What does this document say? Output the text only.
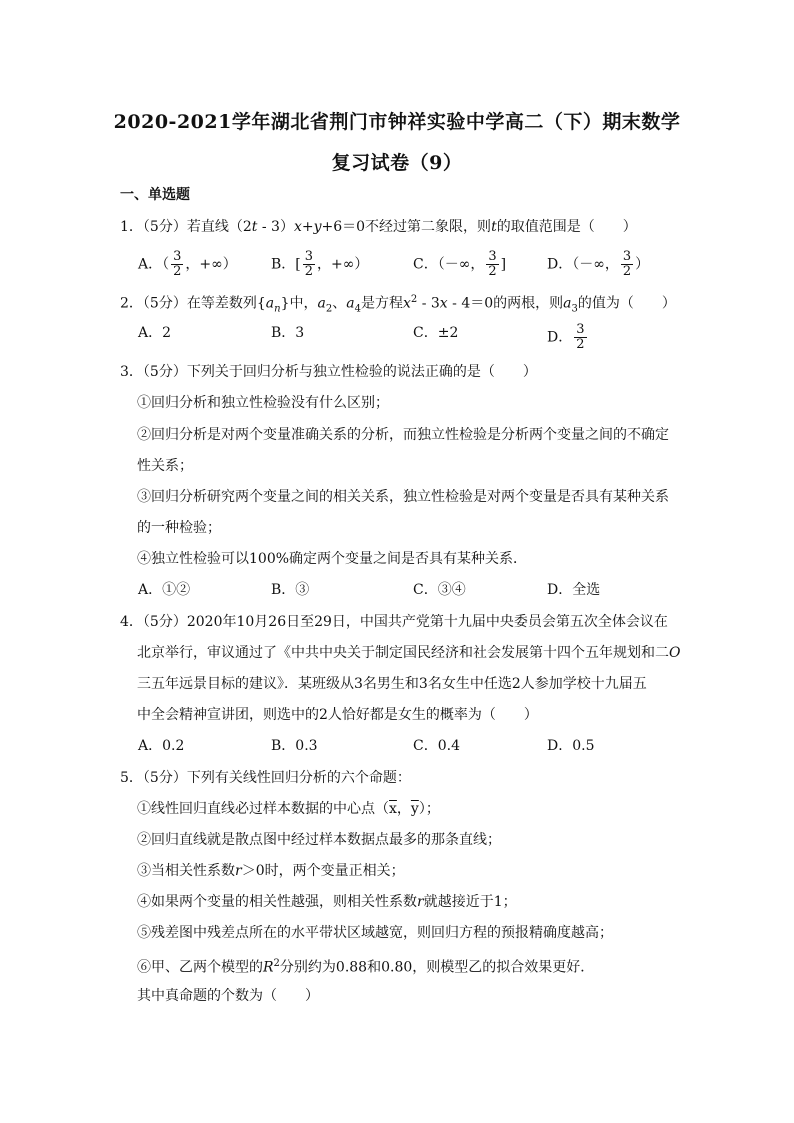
2020-2021学年湖北省荆门市钟祥实验中学高二（下）期末数学
复习试卷（9）
一、单选题
1．（5分）若直线（2t - 3）x+y+6＝0不经过第二象限，则t的取值范围是（　　）
A．（ $\frac{3}{2}$ ，+∞） B．[ $\frac{3}{2}$ ，+∞）	C．（－∞， $\frac{3}{2}$ ]	D．（－∞， $\frac{3}{2}$ ）
2．（5分）在等差数列$\{a_n\}$中，$a_2$、$a_4$是方程$x^2 - 3x - 4=0$的两根，则$a_3$的值为（　　）
A．2	B．3	C．±2	D． $\frac{3}{2}$
3．（5分）下列关于回归分析与独立性检验的说法正确的是（　　）
①回归分析和独立性检验没有什么区别；
②回归分析是对两个变量准确关系的分析，而独立性检验是分析两个变量之间的不确定
性关系；
③回归分析研究两个变量之间的相关关系，独立性检验是对两个变量是否具有某种关系
的一种检验；
④独立性检验可以100%确定两个变量之间是否具有某种关系．
A．①②	B．③	C．③④	D．全选
4．（5分）2020年10月26日至29日，中国共产党第十九届中央委员会第五次全体会议在
北京举行，审议通过了《中共中央关于制定国民经济和社会发展第十四个五年规划和二O
三五年远景目标的建议》．某班级从3名男生和3名女生中任选2人参加学校十九届五
中全会精神宣讲团，则选中的2人恰好都是女生的概率为（　　）
A．0.2	B．0.3	C．0.4	D．0.5
5．（5分）下列有关线性回归分析的六个命题：
①线性回归直线必过样本数据的中心点（$\overline{x}$，$\overline{y}$）；
②回归直线就是散点图中经过样本数据点最多的那条直线；
③当相关性系数r＞0时，两个变量正相关；
④如果两个变量的相关性越强，则相关性系数r就越接近于1；
⑤残差图中残差点所在的水平带状区域越宽，则回归方程的预报精确度越高；
⑥甲、乙两个模型的$R^2$分别约为0.88和0.80，则模型乙的拟合效果更好．
其中真命题的个数为（　　）
